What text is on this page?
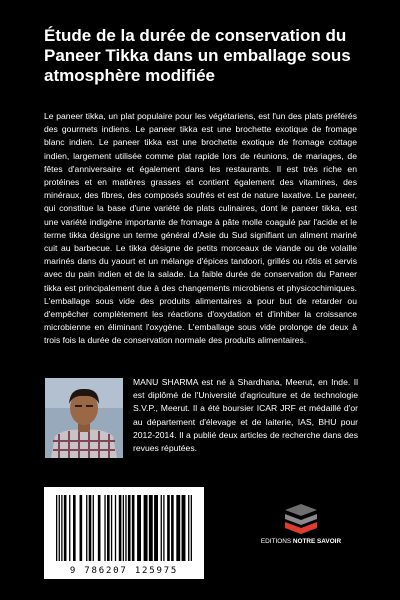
Étude de la durée de conservation du Paneer Tikka dans un emballage sous atmosphère modifiée

Le paneer tikka, un plat populaire pour les végétariens, est l'un des plats préférés des gourmets indiens. Le paneer tikka est une brochette exotique de fromage blanc indien. Le paneer tikka est une brochette exotique de fromage cottage indien, largement utilisée comme plat rapide lors de réunions, de mariages, de fêtes d'anniversaire et également dans les restaurants. Il est très riche en protéines et en matières grasses et contient également des vitamines, des minéraux, des fibres, des composés soufrés et est de nature laxative. Le paneer, qui constitue la base d'une variété de plats culinaires, dont le paneer tikka, est une variété indigène importante de fromage à pâte molle coagulé par l'acide et le terme tikka désigne un terme général d'Asie du Sud signifiant un aliment mariné cuit au barbecue. Le tikka désigne de petits morceaux de viande ou de volaille marinés dans du yaourt et un mélange d'épices tandoori, grillés ou rôtis et servis avec du pain indien et de la salade. La faible durée de conservation du Paneer tikka est principalement due à des changements microbiens et physicochimiques. L'emballage sous vide des produits alimentaires a pour but de retarder ou d'empêcher complètement les réactions d'oxydation et d'inhiber la croissance microbienne en éliminant l'oxygène. L'emballage sous vide prolonge de deux à trois fois la durée de conservation normale des produits alimentaires.

MANU SHARMA est né à Shardhana, Meerut, en Inde. Il est diplômé de l'Université d'agriculture et de technologie S.V.P., Meerut. Il a été boursier ICAR JRF et médaillé d'or au département d'élevage et de laiterie, IAS, BHU pour 2012-2014. Il a publié deux articles de recherche dans des revues réputées.

9 786207 125975
EDITIONS NOTRE SAVOIR
